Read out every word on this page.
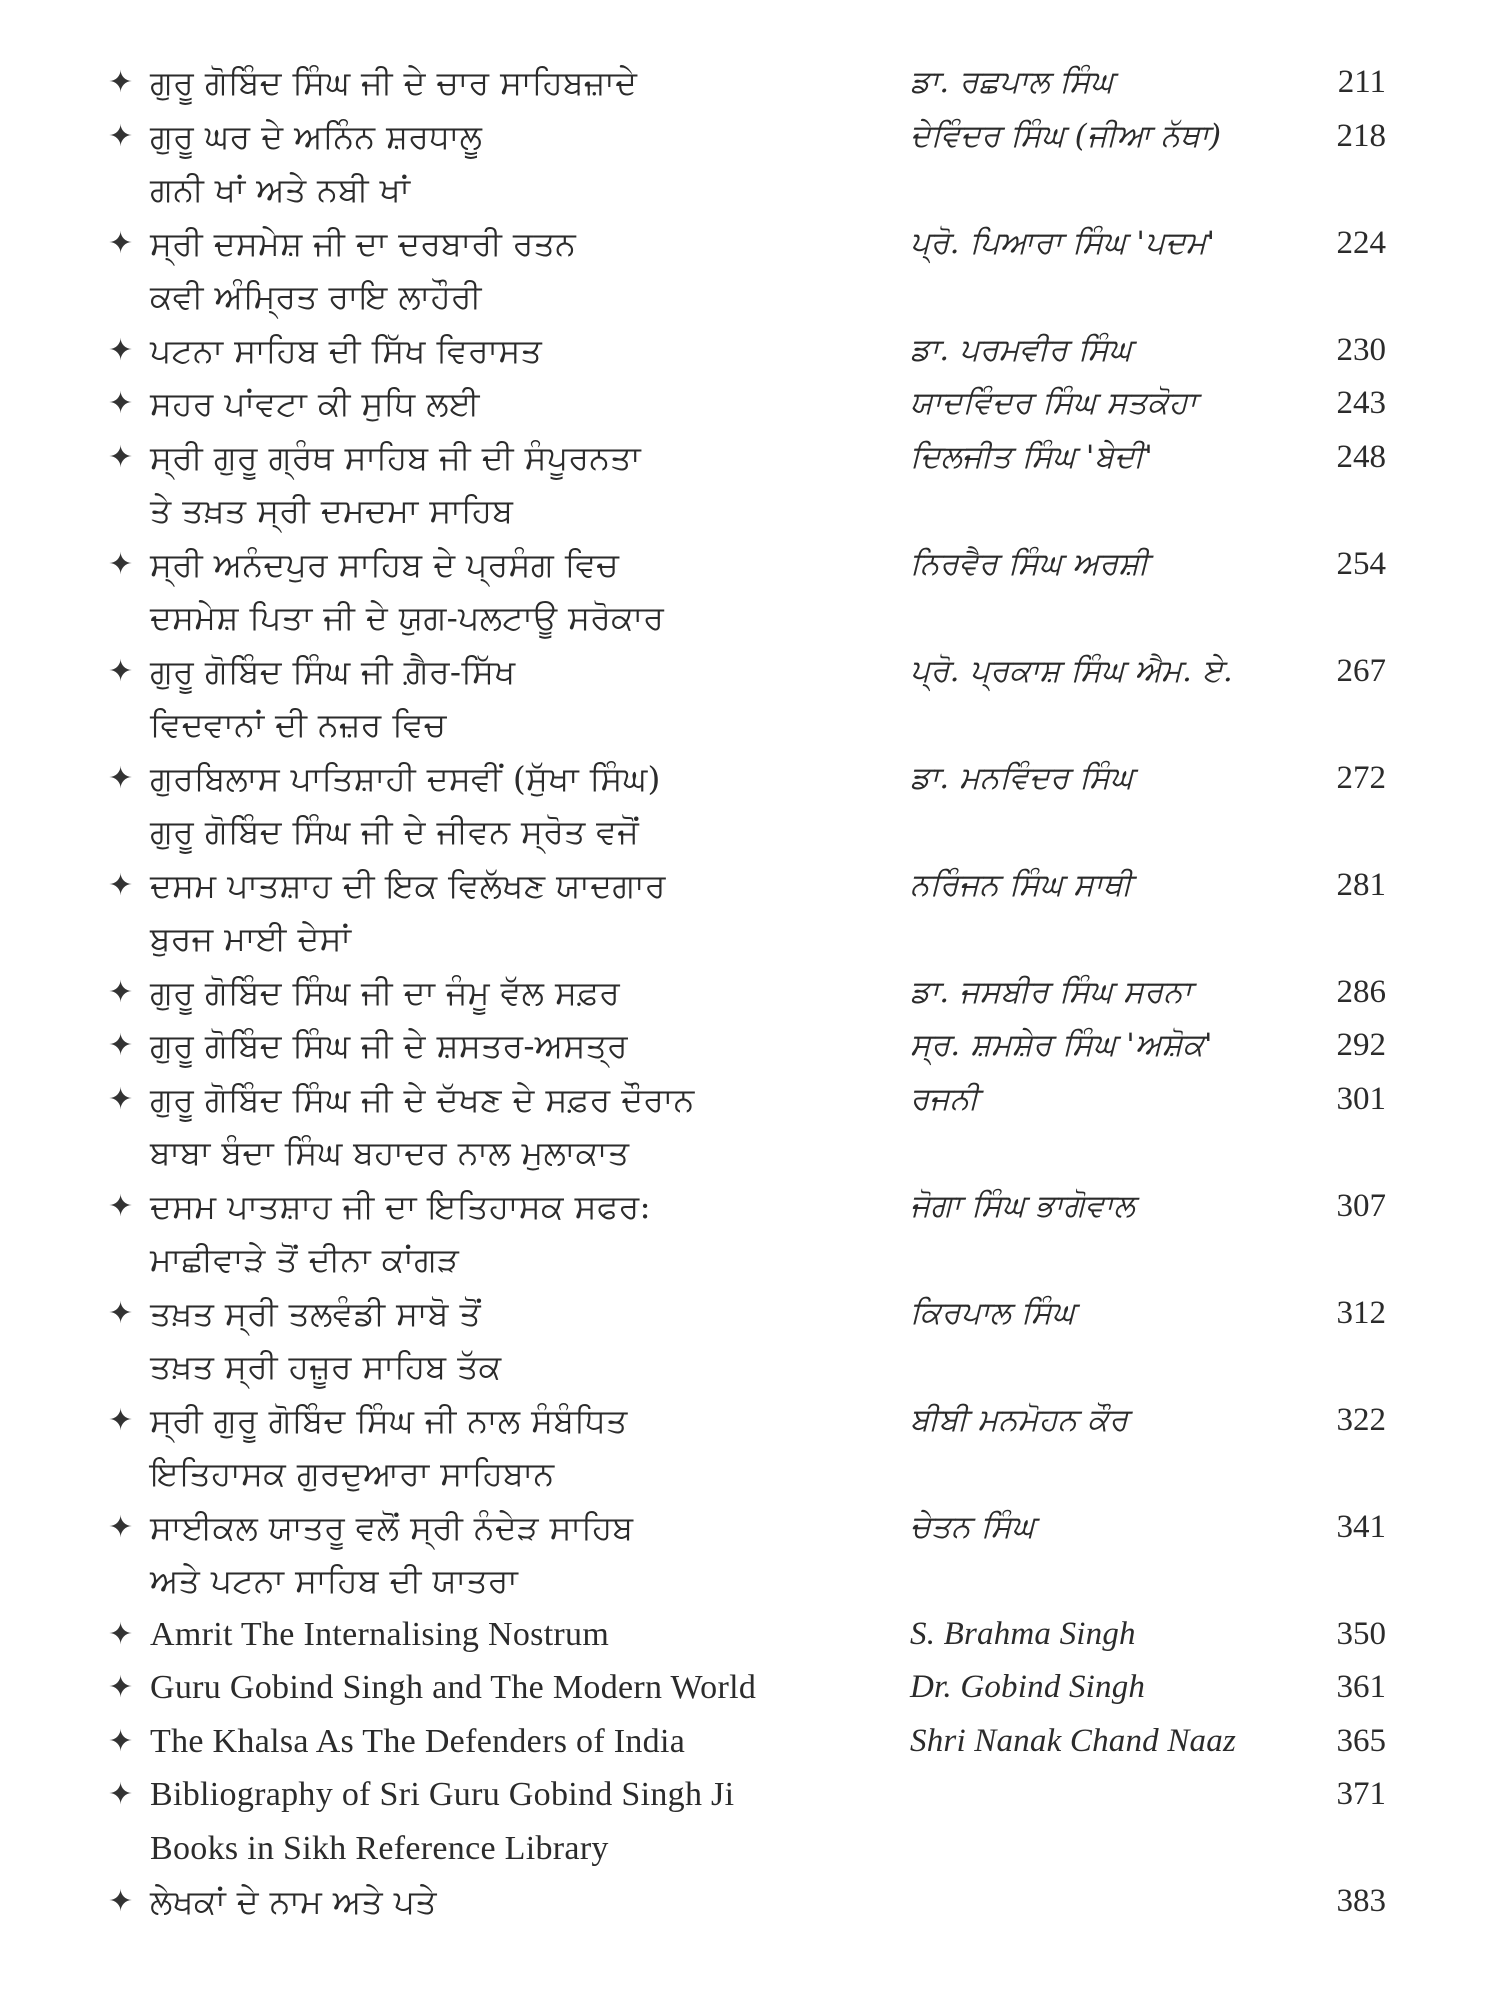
✦ ਗੁਰੂ ਗੋਬਿੰਦ ਸਿੰਘ ਜੀ ਦੇ ਚਾਰ ਸਾਹਿਬਜ਼ਾਦੇ	ਡਾ. ਰਛਪਾਲ ਸਿੰਘ	211
✦ ਗੁਰੂ ਘਰ ਦੇ ਅਨਿੰਨ ਸ਼ਰਧਾਲੂ
ਗਨੀ ਖਾਂ ਅਤੇ ਨਬੀ ਖਾਂ
ਦੇਵਿੰਦਰ ਸਿੰਘ (ਜੀਆ ਨੱਥਾ)	218
✦ ਸ੍ਰੀ ਦਸਮੇਸ਼ ਜੀ ਦਾ ਦਰਬਾਰੀ ਰਤਨ
ਕਵੀ ਅੰਮ੍ਰਿਤ ਰਾਇ ਲਾਹੌਰੀ
ਪ੍ਰੋ. ਪਿਆਰਾ ਸਿੰਘ 'ਪਦਮ'	224
✦ ਪਟਨਾ ਸਾਹਿਬ ਦੀ ਸਿੱਖ ਵਿਰਾਸਤ	ਡਾ. ਪਰਮਵੀਰ ਸਿੰਘ	230
✦ ਸਹਰ ਪਾਂਵਟਾ ਕੀ ਸੁਧਿ ਲਈ	ਯਾਦਵਿੰਦਰ ਸਿੰਘ ਸਤਕੋਹਾ	243
✦ ਸ੍ਰੀ ਗੁਰੂ ਗ੍ਰੰਥ ਸਾਹਿਬ ਜੀ ਦੀ ਸੰਪੂਰਨਤਾ
ਤੇ ਤਖ਼ਤ ਸ੍ਰੀ ਦਮਦਮਾ ਸਾਹਿਬ
ਦਿਲਜੀਤ ਸਿੰਘ 'ਬੇਦੀ'	248
✦ ਸ੍ਰੀ ਅਨੰਦਪੁਰ ਸਾਹਿਬ ਦੇ ਪ੍ਰਸੰਗ ਵਿਚ
ਦਸਮੇਸ਼ ਪਿਤਾ ਜੀ ਦੇ ਯੁਗ-ਪਲਟਾਊ ਸਰੋਕਾਰ
ਨਿਰਵੈਰ ਸਿੰਘ ਅਰਸ਼ੀ	254
✦ ਗੁਰੂ ਗੋਬਿੰਦ ਸਿੰਘ ਜੀ ਗ਼ੈਰ-ਸਿੱਖ
ਵਿਦਵਾਨਾਂ ਦੀ ਨਜ਼ਰ ਵਿਚ
ਪ੍ਰੋ. ਪ੍ਰਕਾਸ਼ ਸਿੰਘ ਐਮ. ਏ.	267
✦ ਗੁਰਬਿਲਾਸ ਪਾਤਿਸ਼ਾਹੀ ਦਸਵੀਂ (ਸੁੱਖਾ ਸਿੰਘ)
ਗੁਰੂ ਗੋਬਿੰਦ ਸਿੰਘ ਜੀ ਦੇ ਜੀਵਨ ਸ੍ਰੋਤ ਵਜੋਂ
ਡਾ. ਮਨਵਿੰਦਰ ਸਿੰਘ	272
✦ ਦਸਮ ਪਾਤਸ਼ਾਹ ਦੀ ਇਕ ਵਿਲੱਖਣ ਯਾਦਗਾਰ
ਬੁਰਜ ਮਾਈ ਦੇਸਾਂ
ਨਰਿੰਜਨ ਸਿੰਘ ਸਾਥੀ	281
✦ ਗੁਰੂ ਗੋਬਿੰਦ ਸਿੰਘ ਜੀ ਦਾ ਜੰਮੂ ਵੱਲ ਸਫ਼ਰ	ਡਾ. ਜਸਬੀਰ ਸਿੰਘ ਸਰਨਾ	286
✦ ਗੁਰੂ ਗੋਬਿੰਦ ਸਿੰਘ ਜੀ ਦੇ ਸ਼ਸਤਰ-ਅਸਤ੍ਰ	ਸ੍ਰ. ਸ਼ਮਸ਼ੇਰ ਸਿੰਘ 'ਅਸ਼ੋਕ'	292
✦ ਗੁਰੂ ਗੋਬਿੰਦ ਸਿੰਘ ਜੀ ਦੇ ਦੱਖਣ ਦੇ ਸਫ਼ਰ ਦੌਰਾਨ
ਬਾਬਾ ਬੰਦਾ ਸਿੰਘ ਬਹਾਦਰ ਨਾਲ ਮੁਲਾਕਾਤ
ਰਜਨੀ	301
✦ ਦਸਮ ਪਾਤਸ਼ਾਹ ਜੀ ਦਾ ਇਤਿਹਾਸਕ ਸਫਰ:
ਮਾਛੀਵਾੜੇ ਤੋਂ ਦੀਨਾ ਕਾਂਗੜ
ਜੋਗਾ ਸਿੰਘ ਭਾਗੋਵਾਲ	307
✦ ਤਖ਼ਤ ਸ੍ਰੀ ਤਲਵੰਡੀ ਸਾਬੋ ਤੋਂ
ਤਖ਼ਤ ਸ੍ਰੀ ਹਜ਼ੂਰ ਸਾਹਿਬ ਤੱਕ
ਕਿਰਪਾਲ ਸਿੰਘ	312
✦ ਸ੍ਰੀ ਗੁਰੂ ਗੋਬਿੰਦ ਸਿੰਘ ਜੀ ਨਾਲ ਸੰਬੰਧਿਤ
ਇਤਿਹਾਸਕ ਗੁਰਦੁਆਰਾ ਸਾਹਿਬਾਨ
ਬੀਬੀ ਮਨਮੋਹਨ ਕੌਰ	322
✦ ਸਾਈਕਲ ਯਾਤਰੂ ਵਲੋਂ ਸ੍ਰੀ ਨੰਦੇੜ ਸਾਹਿਬ
ਅਤੇ ਪਟਨਾ ਸਾਹਿਬ ਦੀ ਯਾਤਰਾ
ਚੇਤਨ ਸਿੰਘ	341
✦ Amrit The Internalising Nostrum	S. Brahma Singh	350
✦ Guru Gobind Singh and The Modern World	Dr. Gobind Singh	361
✦ The Khalsa As The Defenders of India	Shri Nanak Chand Naaz	365
✦ Bibliography of Sri Guru Gobind Singh Ji
Books in Sikh Reference Library
371
✦ ਲੇਖਕਾਂ ਦੇ ਨਾਮ ਅਤੇ ਪਤੇ	383
